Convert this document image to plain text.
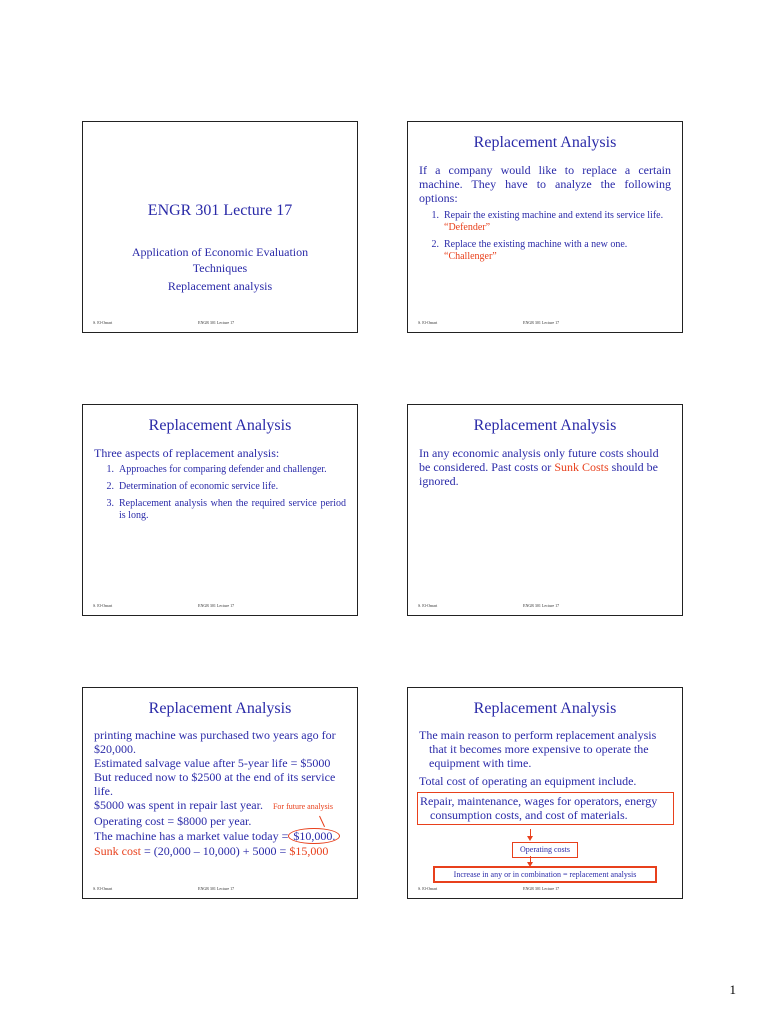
ENGR 301 Lecture 17
Application of Economic Evaluation
Techniques
Replacement analysis
S. El-Omari	ENGR 301 Lecture 17
Replacement Analysis
If a company would like to replace a certain machine. They have to analyze the following options:
1. Repair the existing machine and extend its service life. “Defender”
2. Replace the existing machine with a new one. “Challenger”
S. El-Omari	ENGR 301 Lecture 17
Replacement Analysis
Three aspects of replacement analysis:
1. Approaches for comparing defender and challenger.
2. Determination of economic service life.
3. Replacement analysis when the required service period is long.
S. El-Omari	ENGR 301 Lecture 17
Replacement Analysis
In any economic analysis only future costs should be considered. Past costs or Sunk Costs should be ignored.
S. El-Omari	ENGR 301 Lecture 17
Replacement Analysis
printing machine was purchased two years ago for $20,000.
Estimated salvage value after 5-year life = $5000
But reduced now to $2500 at the end of its service life.
$5000 was spent in repair last year. For future analysis
Operating cost = $8000 per year.
The machine has a market value today = $10,000.
Sunk cost = (20,000 – 10,000) + 5000 = $15,000
S. El-Omari	ENGR 301 Lecture 17
Replacement Analysis
The main reason to perform replacement analysis that it becomes more expensive to operate the equipment with time.
Total cost of operating an equipment include.
Repair, maintenance, wages for operators, energy consumption costs, and cost of materials.
Operating costs
Increase in any or in combination = replacement analysis
S. El-Omari	ENGR 301 Lecture 17
1
